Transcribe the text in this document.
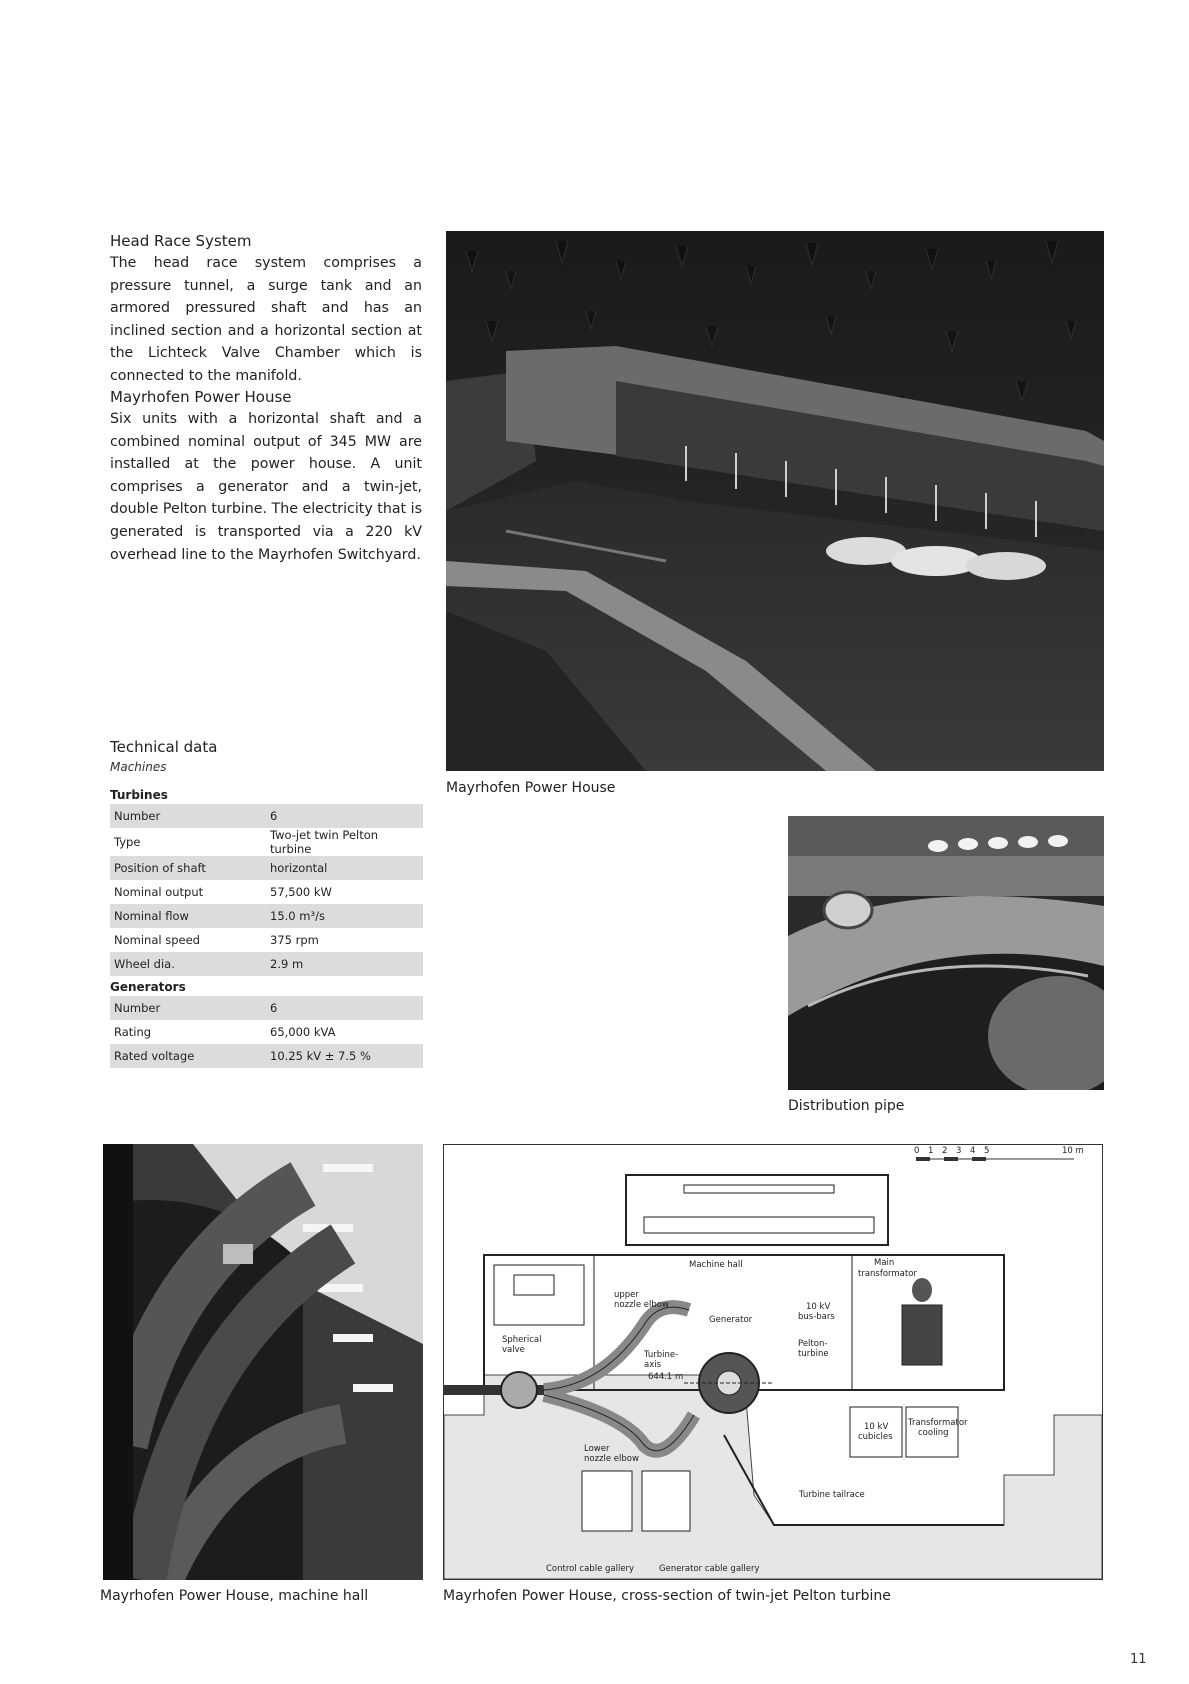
Head Race System
The head race system comprises a pressure tunnel, a surge tank and an armored pressured shaft and has an inclined section and a horizontal section at the Lichteck Valve Chamber which is connected to the manifold.
Mayrhofen Power House
Six units with a horizontal shaft and a combined nominal output of 345 MW are installed at the power house. A unit comprises a generator and a twin-jet, double Pelton turbine. The electricity that is generated is transported via a 220 kV overhead line to the Mayrhofen Switchyard.
Technical data
Machines
Turbines
Number	6
Type	Two-jet twin Pelton turbine
Position of shaft	horizontal
Nominal output	57,500 kW
Nominal flow	15.0 m³/s
Nominal speed	375 rpm
Wheel dia.	2.9 m
Generators
Number	6
Rating	65,000 kVA
Rated voltage	10.25 kV ± 7.5 %
Mayrhofen Power House
Distribution pipe
Mayrhofen Power House, machine hall
0 1 2 3 4 5	10 m
Machine hall	Main
transformator
upper
nozzle elbow
Generator
10 kV
bus-bars
Spherical
valve
Pelton-
turbine
Turbine-
axis
644.1 m
10 kV
cubicles
Transformator
cooling
Lower
nozzle elbow
Turbine tailrace
Control cable gallery	Generator cable gallery
Mayrhofen Power House, cross-section of twin-jet Pelton turbine
11
